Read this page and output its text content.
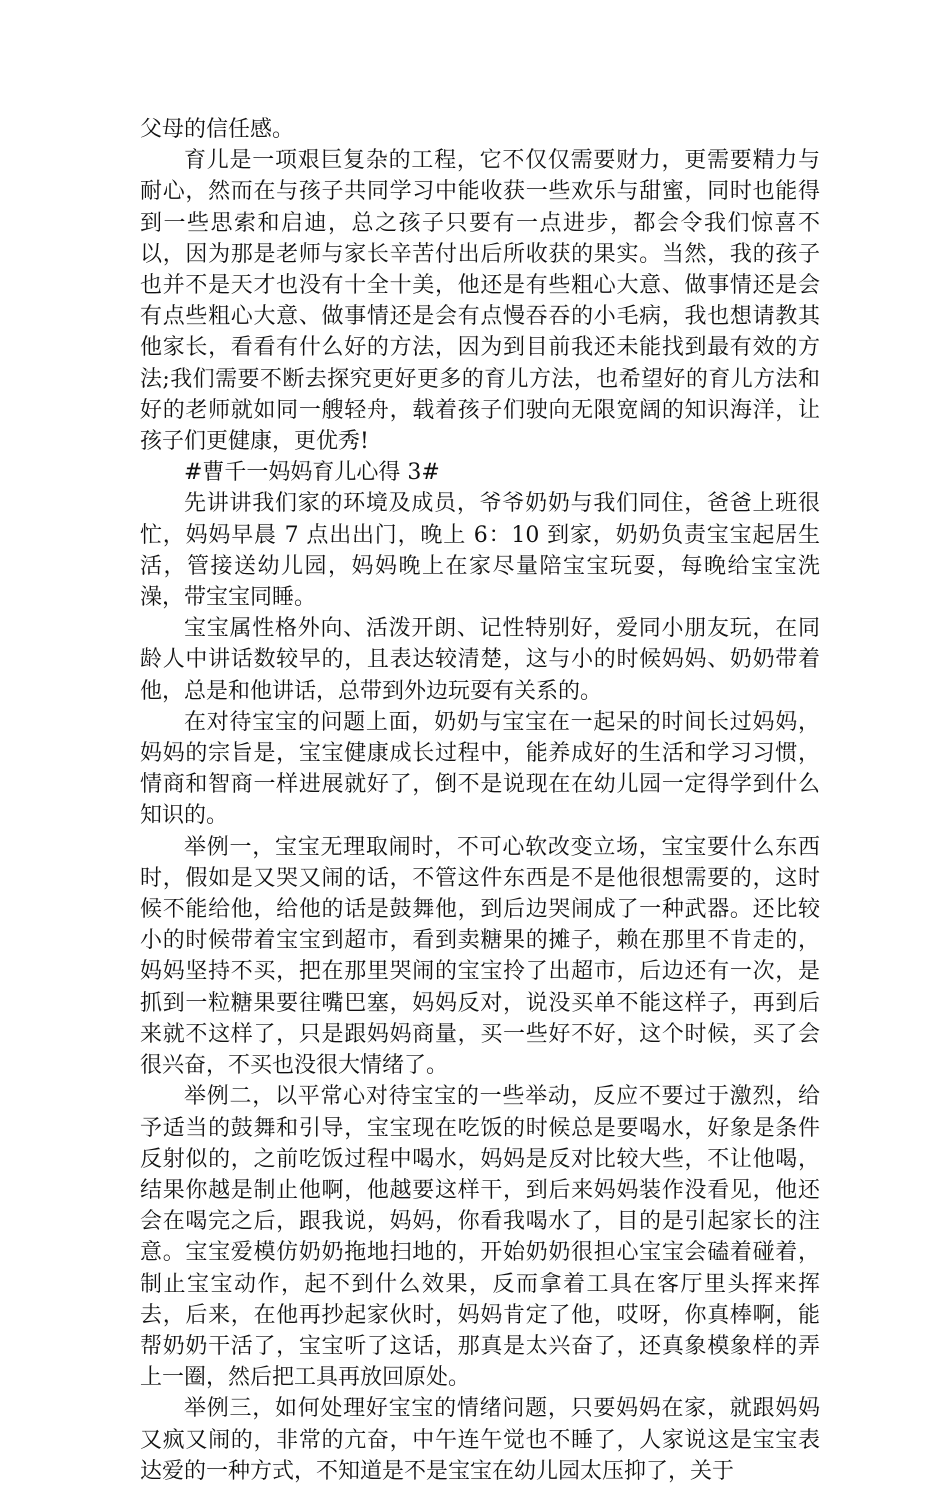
父母的信任感。

育儿是一项艰巨复杂的工程，它不仅仅需要财力，更需要精力与耐心，然而在与孩子共同学习中能收获一些欢乐与甜蜜，同时也能得到一些思索和启迪，总之孩子只要有一点进步，都会令我们惊喜不以，因为那是老师与家长辛苦付出后所收获的果实。当然，我的孩子也并不是天才也没有十全十美，他还是有些粗心大意、做事情还是会有点些粗心大意、做事情还是会有点慢吞吞的小毛病，我也想请教其他家长，看看有什么好的方法，因为到目前我还未能找到最有效的方法;我们需要不断去探究更好更多的育儿方法，也希望好的育儿方法和好的老师就如同一艘轻舟，载着孩子们驶向无限宽阔的知识海洋，让孩子们更健康，更优秀!

#曹千一妈妈育儿心得 3#

先讲讲我们家的环境及成员，爷爷奶奶与我们同住，爸爸上班很忙，妈妈早晨 7 点出出门，晚上 6：10 到家，奶奶负责宝宝起居生活，管接送幼儿园，妈妈晚上在家尽量陪宝宝玩耍，每晚给宝宝洗澡，带宝宝同睡。

宝宝属性格外向、活泼开朗、记性特别好，爱同小朋友玩，在同龄人中讲话数较早的，且表达较清楚，这与小的时候妈妈、奶奶带着他，总是和他讲话，总带到外边玩耍有关系的。

在对待宝宝的问题上面，奶奶与宝宝在一起呆的时间长过妈妈，妈妈的宗旨是，宝宝健康成长过程中，能养成好的生活和学习习惯，情商和智商一样进展就好了，倒不是说现在在幼儿园一定得学到什么知识的。

举例一，宝宝无理取闹时，不可心软改变立场，宝宝要什么东西时，假如是又哭又闹的话，不管这件东西是不是他很想需要的，这时候不能给他，给他的话是鼓舞他，到后边哭闹成了一种武器。还比较小的时候带着宝宝到超市，看到卖糖果的摊子，赖在那里不肯走的，妈妈坚持不买，把在那里哭闹的宝宝拎了出超市，后边还有一次，是抓到一粒糖果要往嘴巴塞，妈妈反对，说没买单不能这样子，再到后来就不这样了，只是跟妈妈商量，买一些好不好，这个时候，买了会很兴奋，不买也没很大情绪了。

举例二，以平常心对待宝宝的一些举动，反应不要过于激烈，给予适当的鼓舞和引导，宝宝现在吃饭的时候总是要喝水，好象是条件反射似的，之前吃饭过程中喝水，妈妈是反对比较大些，不让他喝，结果你越是制止他啊，他越要这样干，到后来妈妈装作没看见，他还会在喝完之后，跟我说，妈妈，你看我喝水了，目的是引起家长的注意。宝宝爱模仿奶奶拖地扫地的，开始奶奶很担心宝宝会磕着碰着，制止宝宝动作，起不到什么效果，反而拿着工具在客厅里头挥来挥去，后来，在他再抄起家伙时，妈妈肯定了他，哎呀，你真棒啊，能帮奶奶干活了，宝宝听了这话，那真是太兴奋了，还真象模象样的弄上一圈，然后把工具再放回原处。

举例三，如何处理好宝宝的情绪问题，只要妈妈在家，就跟妈妈又疯又闹的，非常的亢奋，中午连午觉也不睡了，人家说这是宝宝表达爱的一种方式，不知道是不是宝宝在幼儿园太压抑了，关于
